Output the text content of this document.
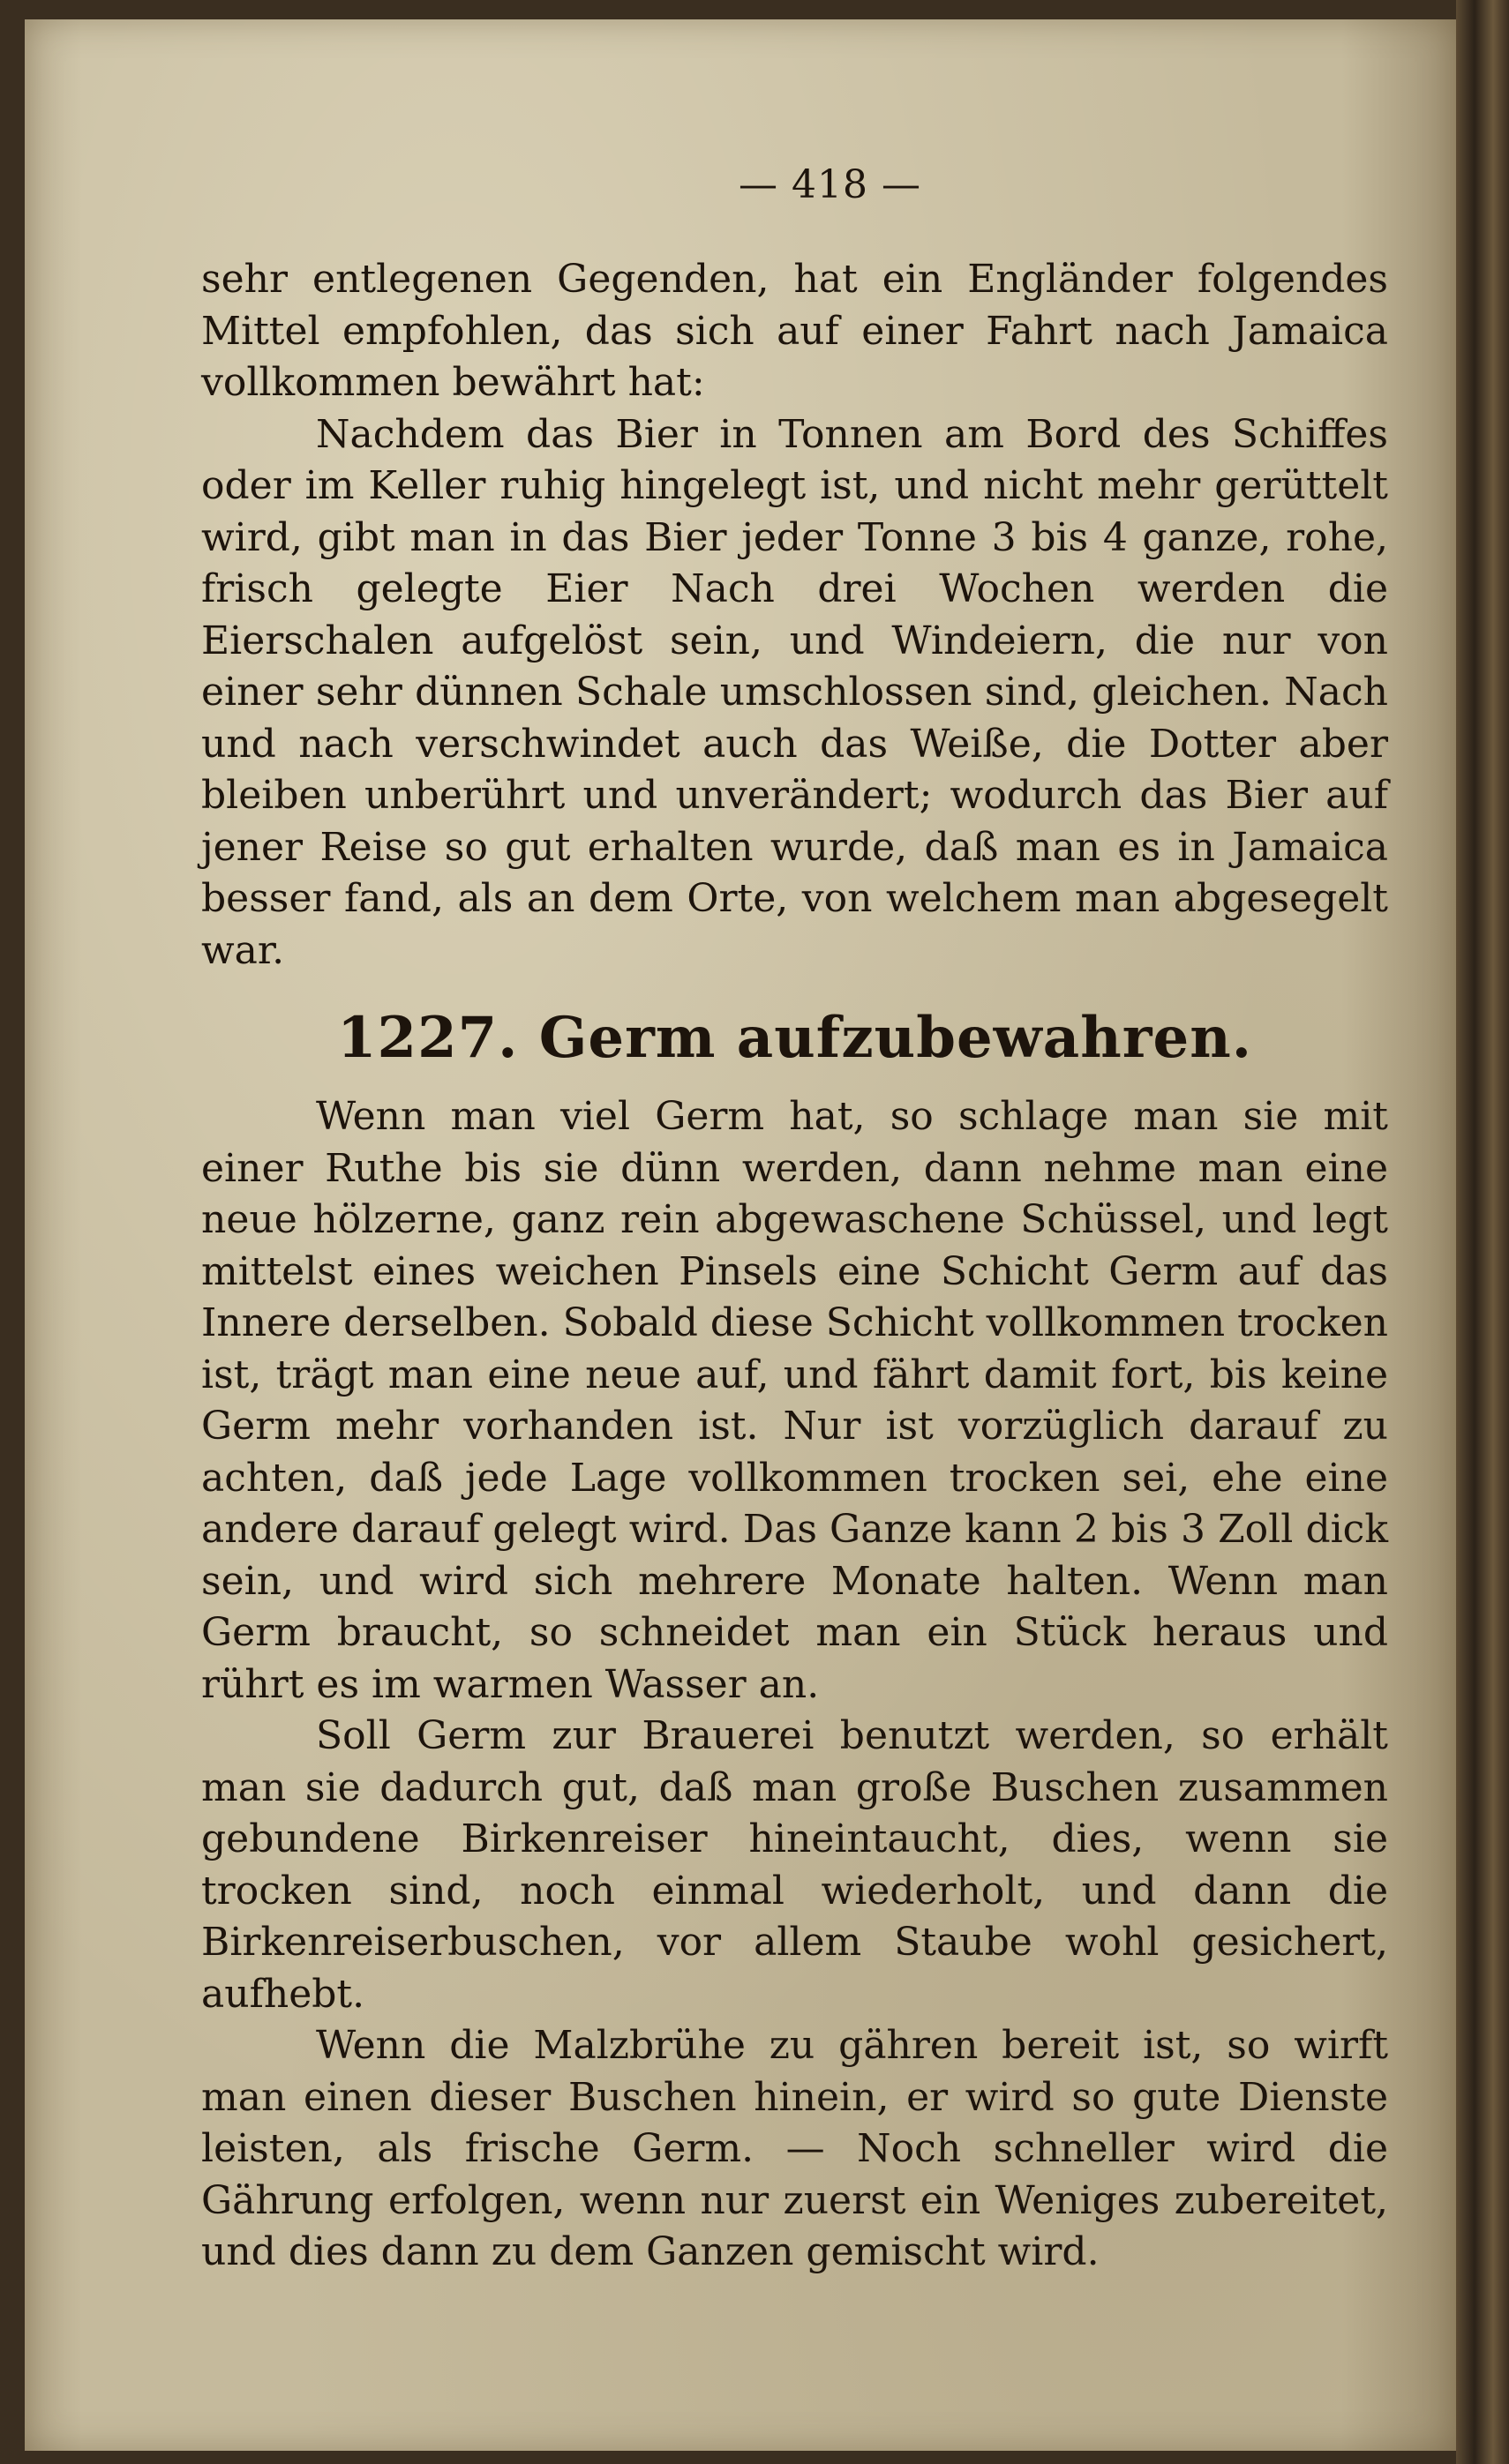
— 418 —

sehr entlegenen Gegenden, hat ein Engländer folgendes Mittel empfohlen, das sich auf einer Fahrt nach Jamaica vollkommen bewährt hat:

Nachdem das Bier in Tonnen am Bord des Schiffes oder im Keller ruhig hingelegt ist, und nicht mehr gerüttelt wird, gibt man in das Bier jeder Tonne 3 bis 4 ganze, rohe, frisch gelegte Eier Nach drei Wochen werden die Eierschalen aufgelöst sein, und Windeiern, die nur von einer sehr dünnen Schale umschlossen sind, gleichen. Nach und nach verschwindet auch das Weiße, die Dotter aber bleiben unberührt und unverändert; wodurch das Bier auf jener Reise so gut erhalten wurde, daß man es in Jamaica besser fand, als an dem Orte, von welchem man abgesegelt war.

1227. Germ aufzubewahren.

Wenn man viel Germ hat, so schlage man sie mit einer Ruthe bis sie dünn werden, dann nehme man eine neue hölzerne, ganz rein abgewaschene Schüssel, und legt mittelst eines weichen Pinsels eine Schicht Germ auf das Innere derselben. Sobald diese Schicht vollkommen trocken ist, trägt man eine neue auf, und fährt damit fort, bis keine Germ mehr vorhanden ist. Nur ist vorzüglich darauf zu achten, daß jede Lage vollkommen trocken sei, ehe eine andere darauf gelegt wird. Das Ganze kann 2 bis 3 Zoll dick sein, und wird sich mehrere Monate halten. Wenn man Germ braucht, so schneidet man ein Stück heraus und rührt es im warmen Wasser an.

Soll Germ zur Brauerei benutzt werden, so erhält man sie dadurch gut, daß man große Buschen zusammen gebundene Birkenreiser hineintaucht, dies, wenn sie trocken sind, noch einmal wiederholt, und dann die Birkenreiserbuschen, vor allem Staube wohl gesichert, aufhebt.

Wenn die Malzbrühe zu gähren bereit ist, so wirft man einen dieser Buschen hinein, er wird so gute Dienste leisten, als frische Germ. — Noch schneller wird die Gährung erfolgen, wenn nur zuerst ein Weniges zubereitet, und dies dann zu dem Ganzen gemischt wird.
